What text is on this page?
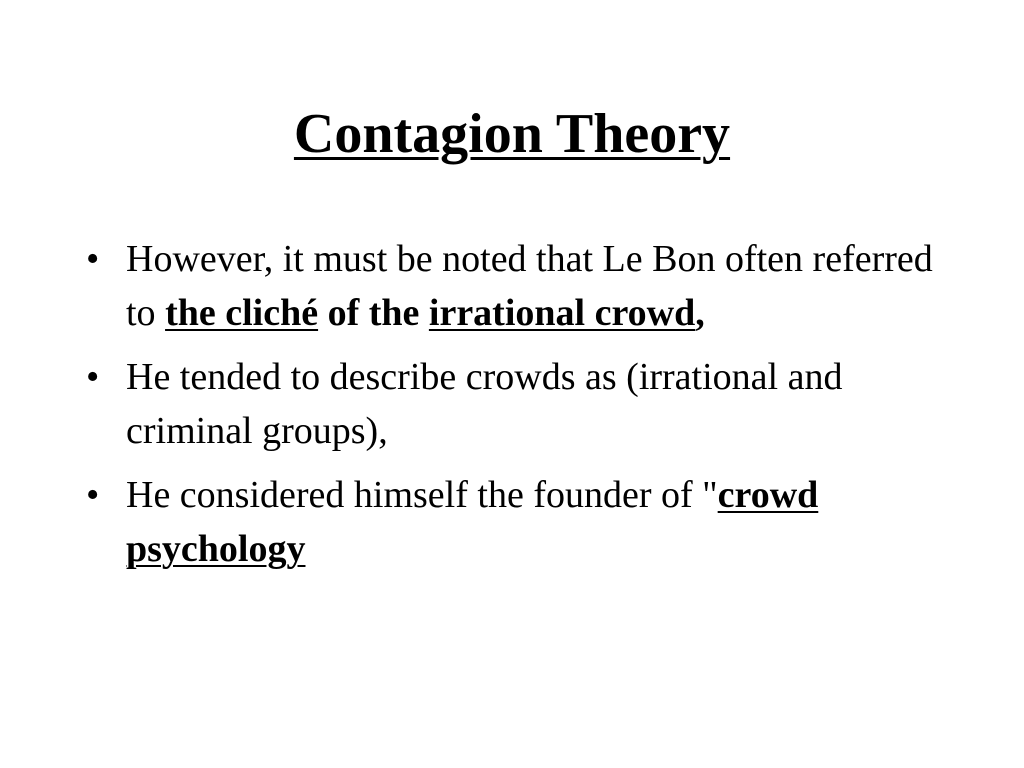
Contagion Theory
• However, it must be noted that Le Bon often referred to the cliché of the irrational crowd,
• He tended to describe crowds as (irrational and criminal groups),
• He considered himself the founder of "crowd psychology
